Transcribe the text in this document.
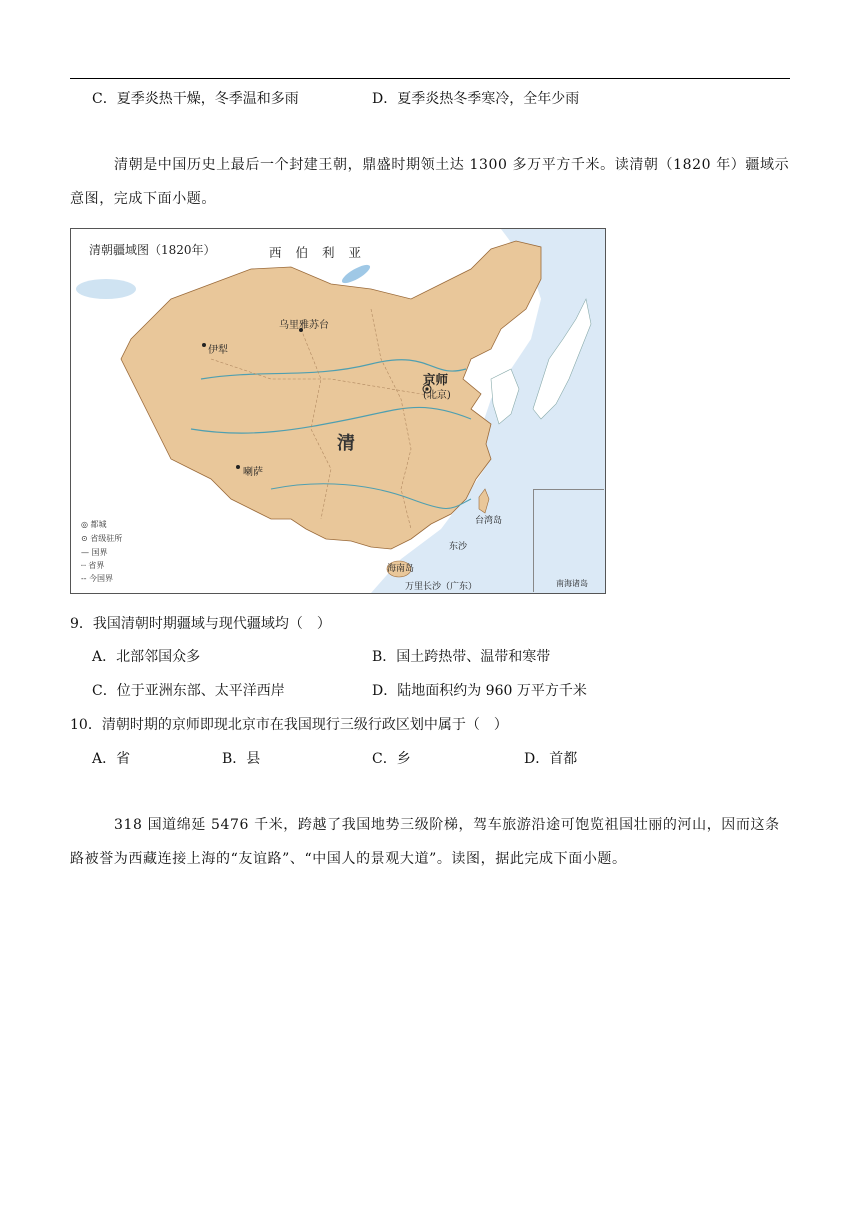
C．夏季炎热干燥，冬季温和多雨	D．夏季炎热冬季寒冷，全年少雨
清朝是中国历史上最后一个封建王朝，鼎盛时期领土达 1300 多万平方千米。读清朝（1820 年）疆域示
意图，完成下面小题。
清朝疆域图（1820年）	西伯利亚
乌里雅苏台
伊犁
京师
(北京)
清
喇萨
台湾岛
海南岛
东沙
万里长沙（广东）	南海诸岛
◎ 都城
⊙ 省级驻所
— 国界
┈ 省界
-- 今国界
9．我国清朝时期疆域与现代疆域均（　）
A．北部邻国众多	B．国土跨热带、温带和寒带
C．位于亚洲东部、太平洋西岸	D．陆地面积约为 960 万平方千米
10．清朝时期的京师即现北京市在我国现行三级行政区划中属于（　）
A．省	B．县	C．乡	D．首都
318 国道绵延 5476 千米，跨越了我国地势三级阶梯，驾车旅游沿途可饱览祖国壮丽的河山，因而这条
路被誉为西藏连接上海的“友谊路”、“中国人的景观大道”。读图，据此完成下面小题。
